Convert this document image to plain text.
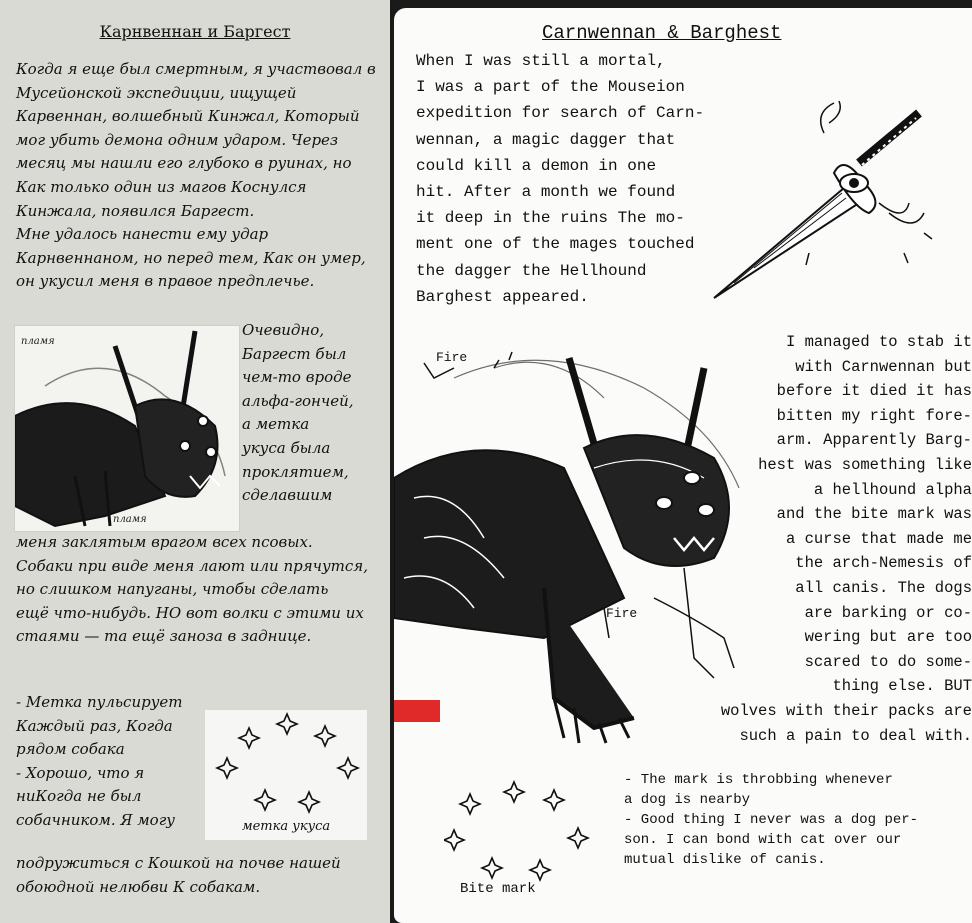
Карнвеннан и Баргест
Когда я еще был смертным, я участвовал в
Мусейонской экспедиции, ищущей
Карвеннан, волшебный Кинжал, Который
мог убить демона одним ударом. Через
месяц мы нашли его глубоко в руинах, но
Как только один из магов Коснулся
Кинжала, появился Баргест.
Мне удалось нанести ему удар
Карнвеннаном, но перед тем, Как он умер,
он укусил меня в правое предплечье.
пламя
пламя
Очевидно,
Баргест был
чем-то вроде
альфа-гончей,
а метка
укуса была
проклятием,
сделавшим
меня заклятым врагом всех псовых.
Собаки при виде меня лают или прячутся,
но слишком напуганы, чтобы сделать
ещё что-нибудь. НО вот волки с этими их
стаями — та ещё заноза в заднице.
- Метка пульсирует
Каждый раз, Когда
рядом собака
- Хорошо, что я
ниКогда не был
собачником. Я могу	метка укуса
подружиться с Кошкой на почве нашей
обоюдной нелюбви К собакам.
Carnwennan & Barghest
When I was still a mortal,
I was a part of the Mouseion
expedition for search of Carn-
wennan, a magic dagger that
could kill a demon in one
hit. After a month we found
it deep in the ruins The mo-
ment one of the mages touched
the dagger the Hellhound
Barghest appeared.
Fire
Fire
I managed to stab it
with Carnwennan but
before it died it has
bitten my right fore-
arm. Apparently Barg-
hest was something like
a hellhound alpha
and the bite mark was
a curse that made me
the arch-Nemesis of
all canis. The dogs
are barking or co-
wering but are too
scared to do some-
thing else. BUT
wolves with their packs are
such a pain to deal with.
Bite mark
- The mark is throbbing whenever
a dog is nearby
- Good thing I never was a dog per-
son. I can bond with cat over our
mutual dislike of canis.
